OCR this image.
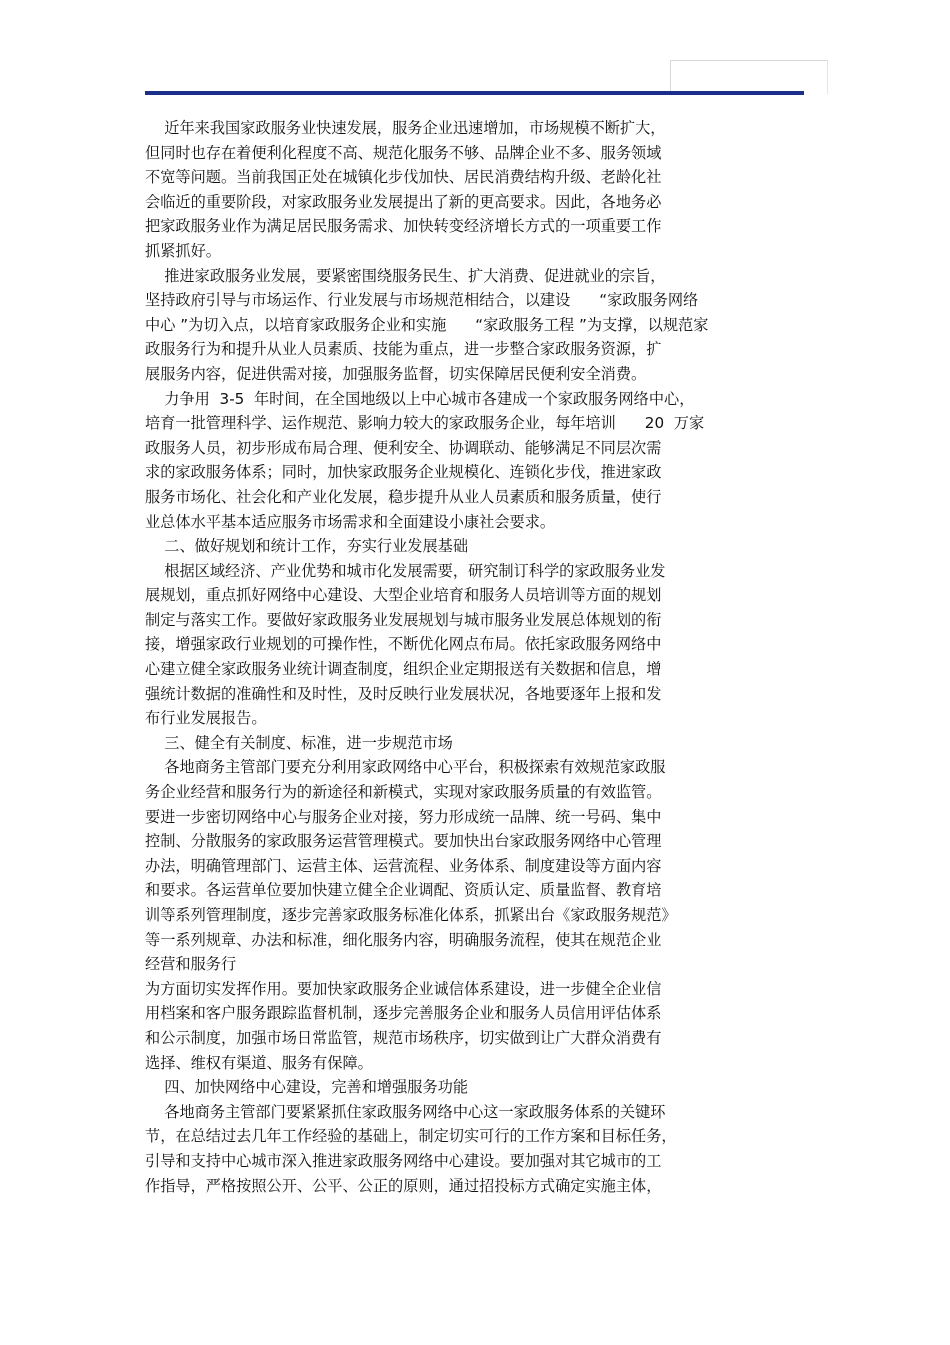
近年来我国家政服务业快速发展，服务企业迅速增加，市场规模不断扩大，
但同时也存在着便利化程度不高、规范化服务不够、品牌企业不多、服务领域
不宽等问题。当前我国正处在城镇化步伐加快、居民消费结构升级、老龄化社
会临近的重要阶段，对家政服务业发展提出了新的更高要求。因此，各地务必
把家政服务业作为满足居民服务需求、加快转变经济增长方式的一项重要工作
抓紧抓好。
推进家政服务业发展，要紧密围绕服务民生、扩大消费、促进就业的宗旨，
坚持政府引导与市场运作、行业发展与市场规范相结合，以建设      “家政服务网络
中心 ”为切入点，以培育家政服务企业和实施      “家政服务工程 ”为支撑，以规范家
政服务行为和提升从业人员素质、技能为重点，进一步整合家政服务资源，扩
展服务内容，促进供需对接，加强服务监督，切实保障居民便利安全消费。
力争用  3-5  年时间，在全国地级以上中心城市各建成一个家政服务网络中心，
培育一批管理科学、运作规范、影响力较大的家政服务企业，每年培训      20  万家
政服务人员，初步形成布局合理、便利安全、协调联动、能够满足不同层次需
求的家政服务体系；同时，加快家政服务企业规模化、连锁化步伐，推进家政
服务市场化、社会化和产业化发展，稳步提升从业人员素质和服务质量，使行
业总体水平基本适应服务市场需求和全面建设小康社会要求。
二、做好规划和统计工作，夯实行业发展基础
根据区域经济、产业优势和城市化发展需要，研究制订科学的家政服务业发
展规划，重点抓好网络中心建设、大型企业培育和服务人员培训等方面的规划
制定与落实工作。要做好家政服务业发展规划与城市服务业发展总体规划的衔
接，增强家政行业规划的可操作性，不断优化网点布局。依托家政服务网络中
心建立健全家政服务业统计调查制度，组织企业定期报送有关数据和信息，增
强统计数据的准确性和及时性，及时反映行业发展状况，各地要逐年上报和发
布行业发展报告。
三、健全有关制度、标准，进一步规范市场
各地商务主管部门要充分利用家政网络中心平台，积极探索有效规范家政服
务企业经营和服务行为的新途径和新模式，实现对家政服务质量的有效监管。
要进一步密切网络中心与服务企业对接，努力形成统一品牌、统一号码、集中
控制、分散服务的家政服务运营管理模式。要加快出台家政服务网络中心管理
办法，明确管理部门、运营主体、运营流程、业务体系、制度建设等方面内容
和要求。各运营单位要加快建立健全企业调配、资质认定、质量监督、教育培
训等系列管理制度，逐步完善家政服务标准化体系，抓紧出台《家政服务规范》
等一系列规章、办法和标准，细化服务内容，明确服务流程，使其在规范企业
经营和服务行
为方面切实发挥作用。要加快家政服务企业诚信体系建设，进一步健全企业信
用档案和客户服务跟踪监督机制，逐步完善服务企业和服务人员信用评估体系
和公示制度，加强市场日常监管，规范市场秩序，切实做到让广大群众消费有
选择、维权有渠道、服务有保障。
四、加快网络中心建设，完善和增强服务功能
各地商务主管部门要紧紧抓住家政服务网络中心这一家政服务体系的关键环
节，在总结过去几年工作经验的基础上，制定切实可行的工作方案和目标任务，
引导和支持中心城市深入推进家政服务网络中心建设。要加强对其它城市的工
作指导，严格按照公开、公平、公正的原则，通过招投标方式确定实施主体，
